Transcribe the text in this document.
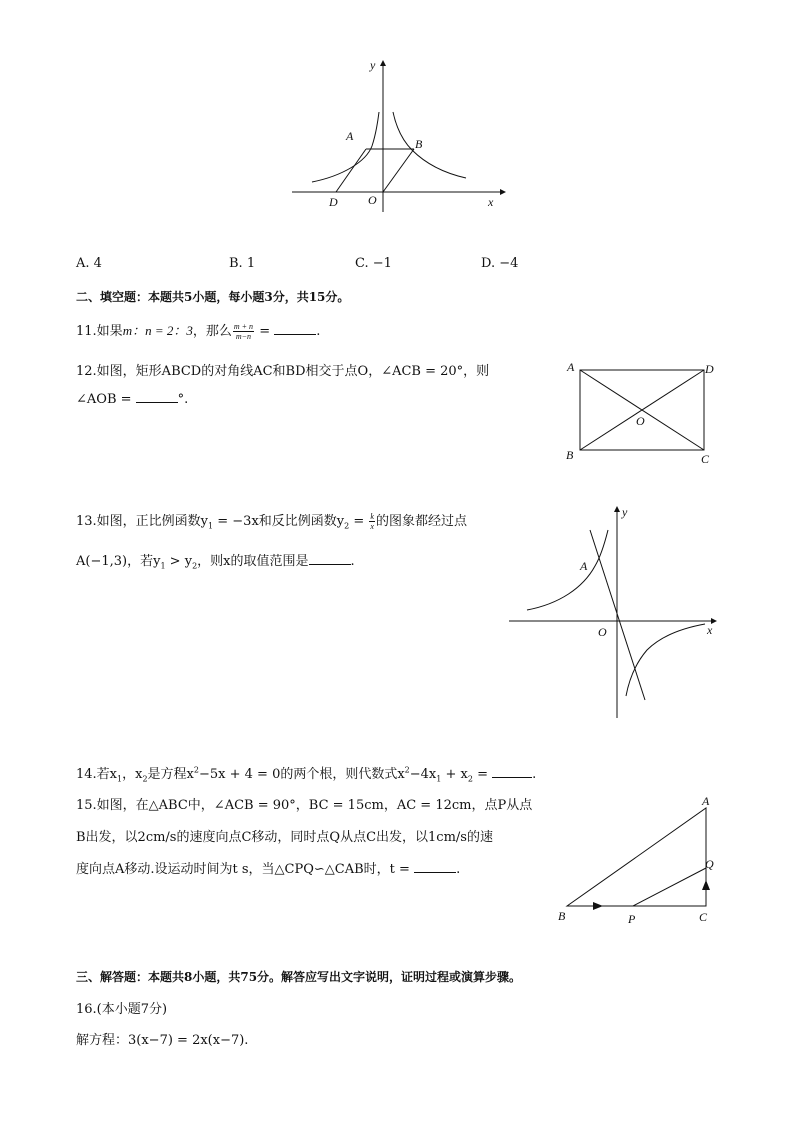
y
x
A
B
D	O
A. 4	B. 1	C. −1	D. −4
二、填空题：本题共5小题，每小题3分，共15分。
11.如果m：n = 2：3，那么 $\frac{m + n}{m-n}$ =	.
12.如图，矩形ABCD的对角线AC和BD相交于点O，∠ACB = 20°，则
∠AOB =	°.
A	D
B	C
O
13.如图，正比例函数$y_1 = -3x$和反比例函数$y_2 = \frac{k}{x}$ 的图象都经过点
A(−1,3)，若$y_1 > y_2$，则x的取值范围是	.
y
x
A
O
14.若$x_1$，$x_2$是方程$x^2-5x + 4 = 0$的两个根，则代数式$x^2-4x_1 + x_2$ =	.
15.如图，在△ABC中，∠ACB = 90°，BC = 15cm，AC = 12cm，点P从点
B出发，以2cm/s的速度向点C移动，同时点Q从点C出发，以1cm/s的速
度向点A移动.设运动时间为t s，当△CPQ∽△CAB时，t =	.
A
Q
B	P	C
三、解答题：本题共8小题，共75分。解答应写出文字说明，证明过程或演算步骤。
16.(本小题7分)
解方程：3(x−7) = 2x(x−7).
